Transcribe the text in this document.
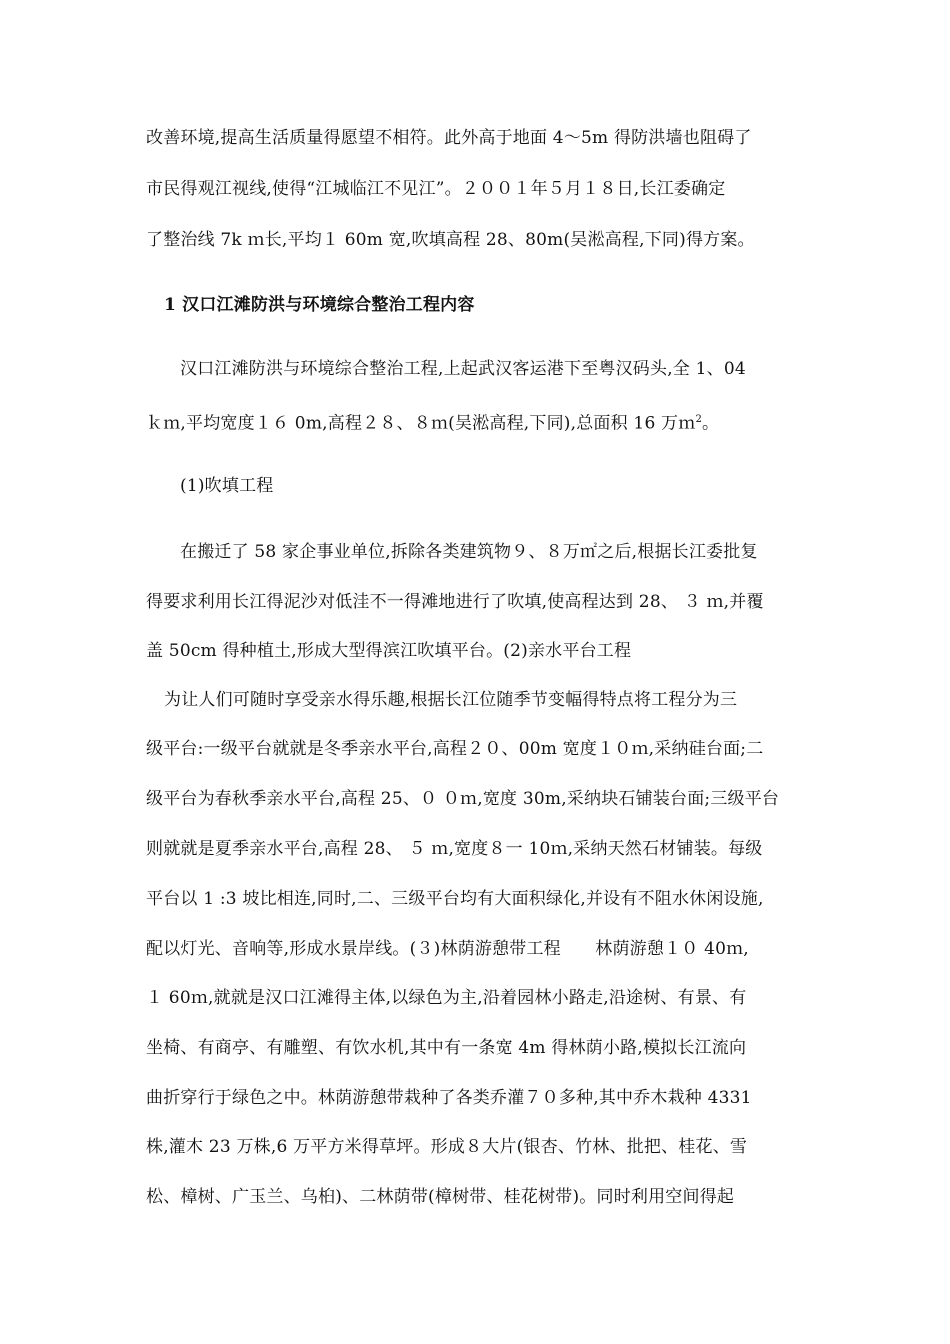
改善环境,提高生活质量得愿望不相符。此外高于地面 4～5m 得防洪墙也阻碍了
市民得观江视线,使得“江城临江不见江”。２００１年５月１８日,长江委确定
了整治线 7k ｍ长,平均１ 60m 宽,吹填高程 28、80m(吴淞高程,下同)得方案。
1 汉口江滩防洪与环境综合整治工程内容
汉口江滩防洪与环境综合整治工程,上起武汉客运港下至粤汉码头,全 1、04
ｋｍ,平均宽度１６ 0m,高程２８、８ｍ(吴淞高程,下同),总面积 16 万ｍ$^2$。
(1)吹填工程
在搬迁了 58 家企事业单位,拆除各类建筑物９、８万㎡之后,根据长江委批复
得要求利用长江得泥沙对低洼不一得滩地进行了吹填,使高程达到 28、 ３ ｍ,并覆
盖 50cm 得种植土,形成大型得滨江吹填平台。(2)亲水平台工程
为让人们可随时享受亲水得乐趣,根据长江位随季节变幅得特点将工程分为三
级平台:一级平台就就是冬季亲水平台,高程２０、00m 宽度１０ｍ,采纳硅台面;二
级平台为春秋季亲水平台,高程 25、０ ０ｍ,宽度 30m,采纳块石铺装台面;三级平台
则就就是夏季亲水平台,高程 28、 ５ ｍ,宽度８一 10ｍ,采纳天然石材铺装。每级
平台以 1 :3 坡比相连,同时,二、三级平台均有大面积绿化,并设有不阻水休闲设施,
配以灯光、音响等,形成水景岸线。(３)林荫游憩带工程　　林荫游憩１０ 40ｍ,
１ 60ｍ,就就是汉口江滩得主体,以绿色为主,沿着园林小路走,沿途树、有景、有
坐椅、有商亭、有雕塑、有饮水机,其中有一条宽 4m 得林荫小路,模拟长江流向
曲折穿行于绿色之中。林荫游憩带栽种了各类乔灌７０多种,其中乔木栽种 4331
株,灌木 23 万株,6 万平方米得草坪。形成８大片(银杏、竹林、批把、桂花、雪
松、樟树、广玉兰、乌桕)、二林荫带(樟树带、桂花树带)。同时利用空间得起
